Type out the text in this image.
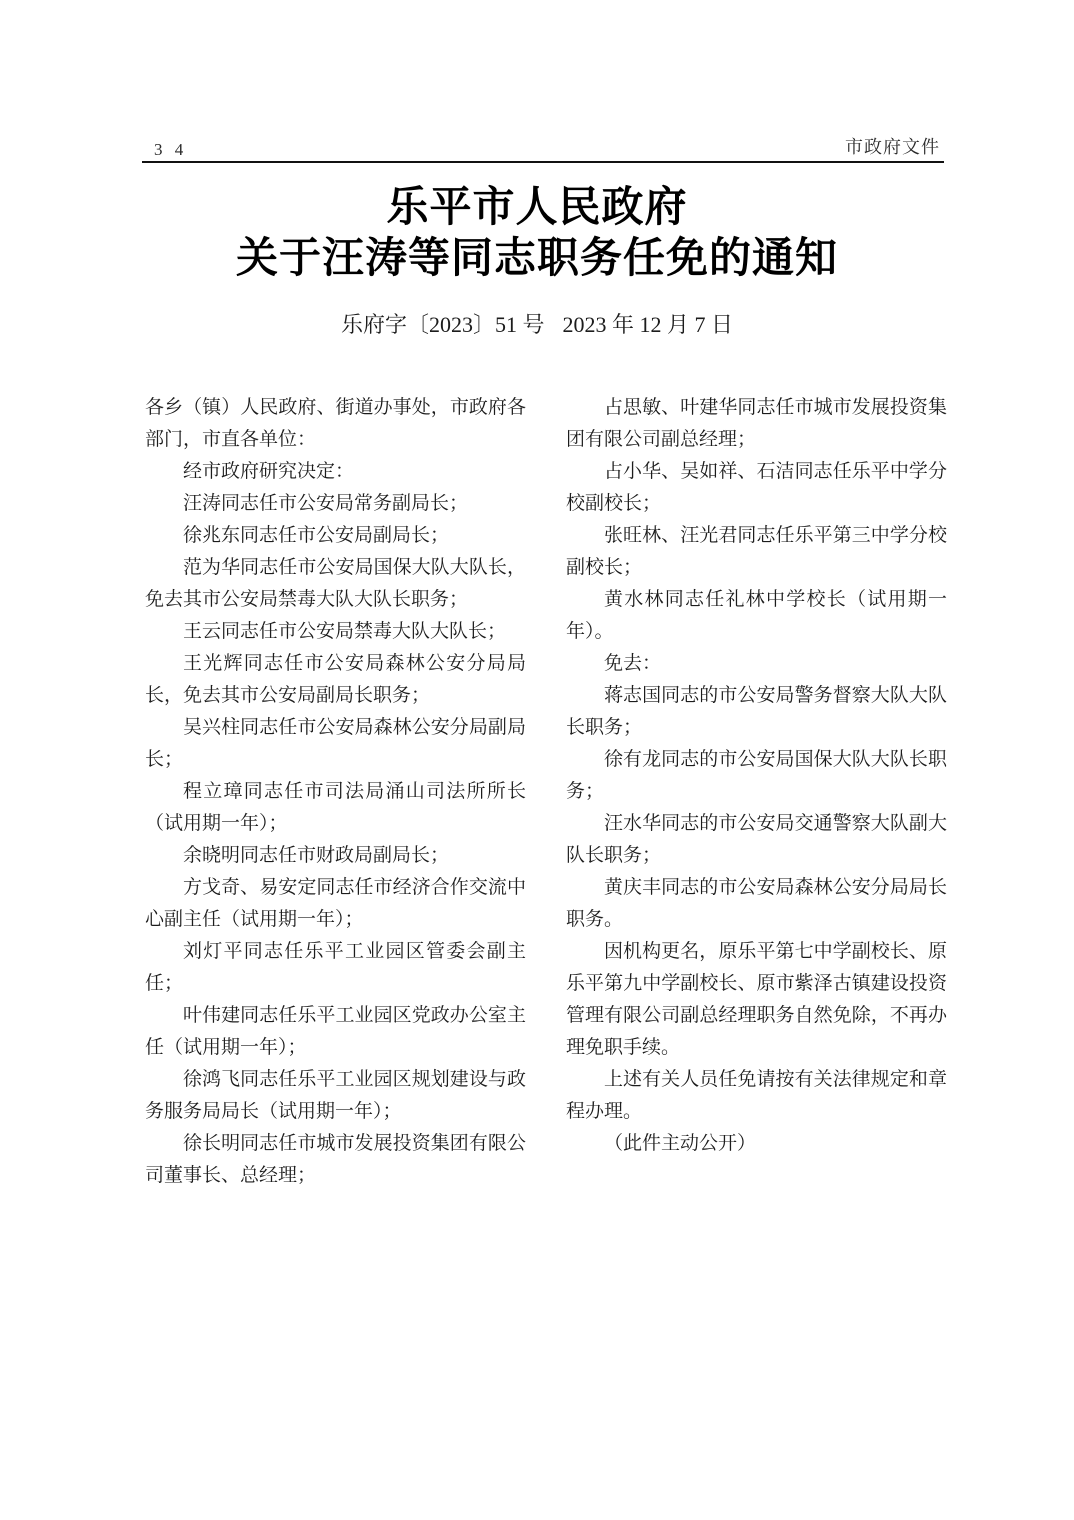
3 4	市政府文件
乐平市人民政府
关于汪涛等同志职务任免的通知
乐府字〔2023〕51 号 2023 年 12 月 7 日

各乡（镇）人民政府、街道办事处，市政府各部门，市直各单位：

经市政府研究决定：

汪涛同志任市公安局常务副局长；

徐兆东同志任市公安局副局长；

范为华同志任市公安局国保大队大队长，免去其市公安局禁毒大队大队长职务；

王云同志任市公安局禁毒大队大队长；

王光辉同志任市公安局森林公安分局局长，免去其市公安局副局长职务；

吴兴柱同志任市公安局森林公安分局副局长；

程立璋同志任市司法局涌山司法所所长（试用期一年）；

余晓明同志任市财政局副局长；

方戈奇、易安定同志任市经济合作交流中心副主任（试用期一年）；

刘灯平同志任乐平工业园区管委会副主任；

叶伟建同志任乐平工业园区党政办公室主任（试用期一年）；

徐鸿飞同志任乐平工业园区规划建设与政务服务局局长（试用期一年）；

徐长明同志任市城市发展投资集团有限公司董事长、总经理；

占思敏、叶建华同志任市城市发展投资集团有限公司副总经理；

占小华、吴如祥、石洁同志任乐平中学分校副校长；

张旺林、汪光君同志任乐平第三中学分校副校长；

黄水林同志任礼林中学校长（试用期一年）。

免去：

蒋志国同志的市公安局警务督察大队大队长职务；

徐有龙同志的市公安局国保大队大队长职务；

汪水华同志的市公安局交通警察大队副大队长职务；

黄庆丰同志的市公安局森林公安分局局长职务。

因机构更名，原乐平第七中学副校长、原乐平第九中学副校长、原市紫泽古镇建设投资管理有限公司副总经理职务自然免除，不再办理免职手续。

上述有关人员任免请按有关法律规定和章程办理。

（此件主动公开）
